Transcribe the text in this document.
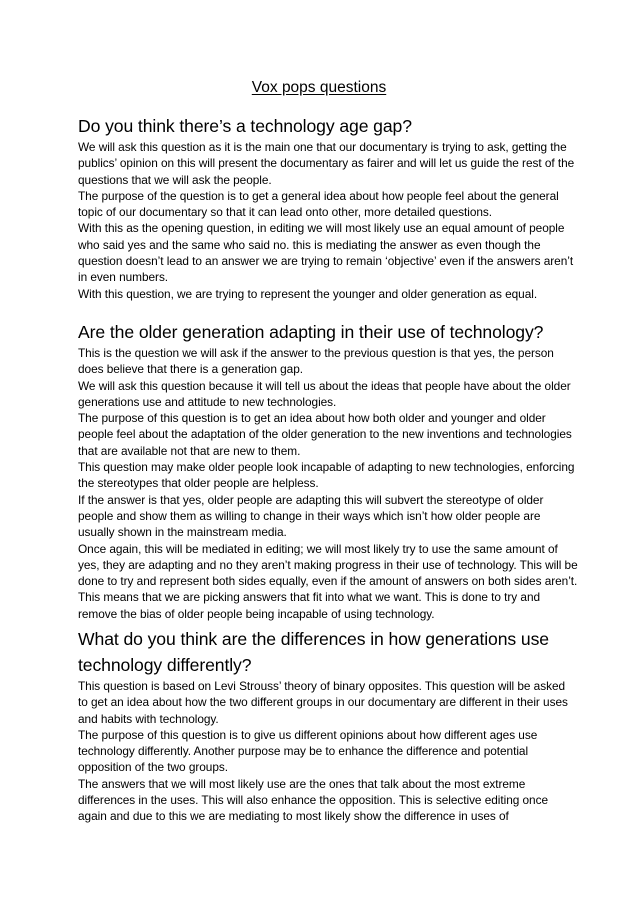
Vox pops questions
Do you think there’s a technology age gap?

We will ask this question as it is the main one that our documentary is trying to ask, getting the publics’ opinion on this will present the documentary as fairer and will let us guide the rest of the questions that we will ask the people.

The purpose of the question is to get a general idea about how people feel about the general topic of our documentary so that it can lead onto other, more detailed questions.

With this as the opening question, in editing we will most likely use an equal amount of people who said yes and the same who said no. this is mediating the answer as even though the question doesn’t lead to an answer we are trying to remain ‘objective’ even if the answers aren’t in even numbers.

With this question, we are trying to represent the younger and older generation as equal.

Are the older generation adapting in their use of technology?

This is the question we will ask if the answer to the previous question is that yes, the person does believe that there is a generation gap.

We will ask this question because it will tell us about the ideas that people have about the older generations use and attitude to new technologies.

The purpose of this question is to get an idea about how both older and younger and older people feel about the adaptation of the older generation to the new inventions and technologies that are available not that are new to them.

This question may make older people look incapable of adapting to new technologies, enforcing the stereotypes that older people are helpless.

If the answer is that yes, older people are adapting this will subvert the stereotype of older people and show them as willing to change in their ways which isn’t how older people are usually shown in the mainstream media.

Once again, this will be mediated in editing; we will most likely try to use the same amount of yes, they are adapting and no they aren’t making progress in their use of technology. This will be done to try and represent both sides equally, even if the amount of answers on both sides aren’t. This means that we are picking answers that fit into what we want. This is done to try and remove the bias of older people being incapable of using technology.

What do you think are the differences in how generations use technology differently?

This question is based on Levi Strouss’ theory of binary opposites. This question will be asked to get an idea about how the two different groups in our documentary are different in their uses and habits with technology.

The purpose of this question is to give us different opinions about how different ages use technology differently. Another purpose may be to enhance the difference and potential opposition of the two groups.

The answers that we will most likely use are the ones that talk about the most extreme differences in the uses. This will also enhance the opposition. This is selective editing once again and due to this we are mediating to most likely show the difference in uses of
